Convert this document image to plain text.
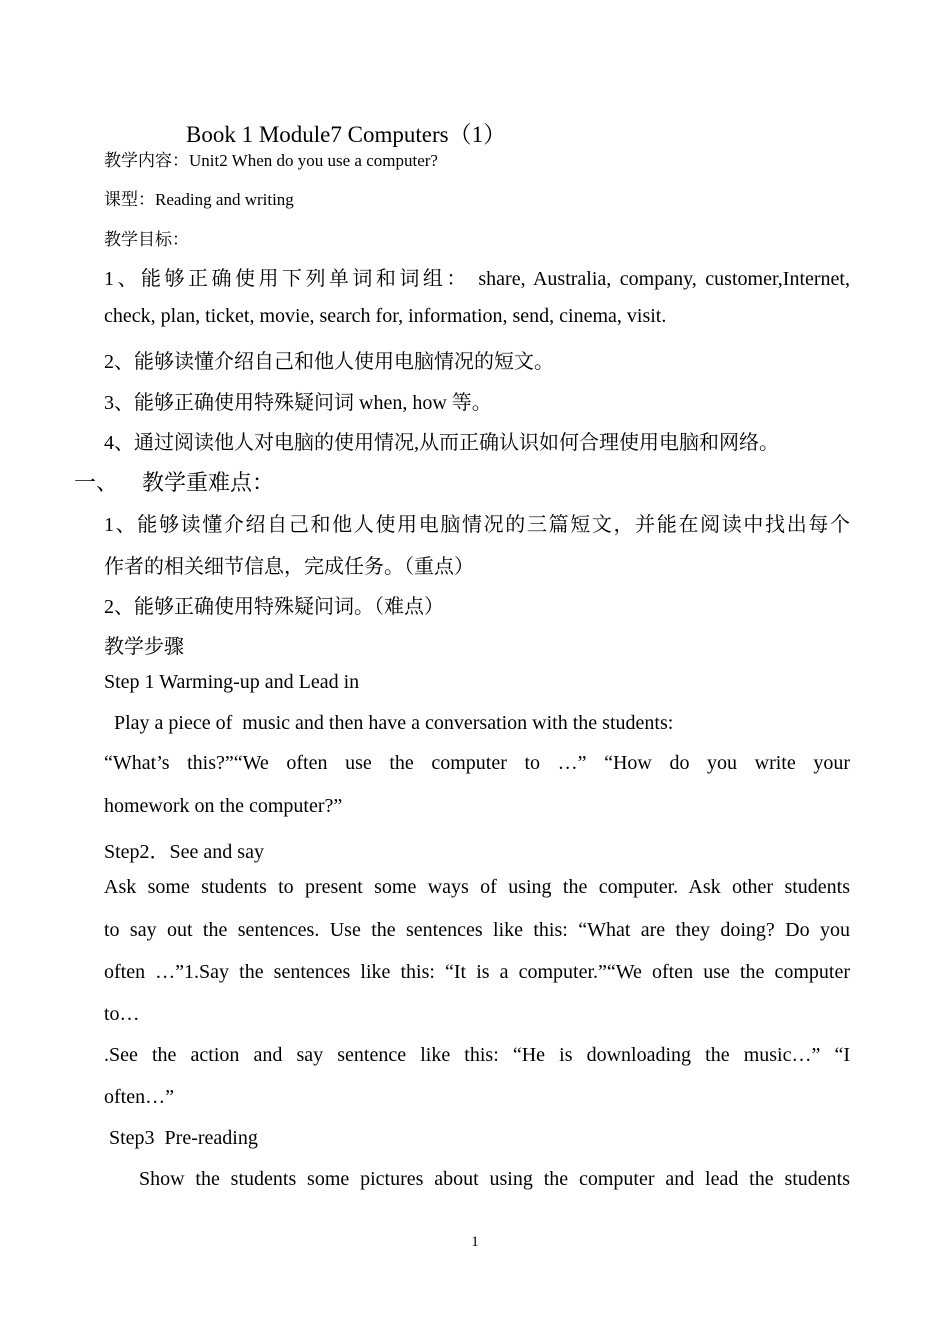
Book 1 Module7 Computers（1）
教学内容：Unit2 When do you use a computer?
课型：Reading and writing
教学目标：
1、能够正确使用下列单词和词组： share, Australia, company, customer,Internet,
check, plan, ticket, movie, search for, information, send, cinema, visit.
2、能够读懂介绍自己和他人使用电脑情况的短文。
3、能够正确使用特殊疑问词 when, how 等。
4、通过阅读他人对电脑的使用情况,从而正确认识如何合理使用电脑和网络。
一、 教学重难点：
1、能够读懂介绍自己和他人使用电脑情况的三篇短文，并能在阅读中找出每个
作者的相关细节信息，完成任务。（重点）
2、能够正确使用特殊疑问词。（难点）
教学步骤
Step 1 Warming-up and Lead in
Play a piece of  music and then have a conversation with the students:
“What’s this?”“We often use the computer to …” “How do you write your
homework on the computer?”
Step2．See and say
Ask some students to present some ways of using the computer. Ask other students
to say out the sentences. Use the sentences like this: “What are they doing? Do you
often …”1.Say the sentences like this: “It is a computer.”“We often use the computer
to…
.See the action and say sentence like this: “He is downloading the music…” “I
often…”
Step3  Pre-reading
Show the students some pictures about using the computer and lead the students
1
